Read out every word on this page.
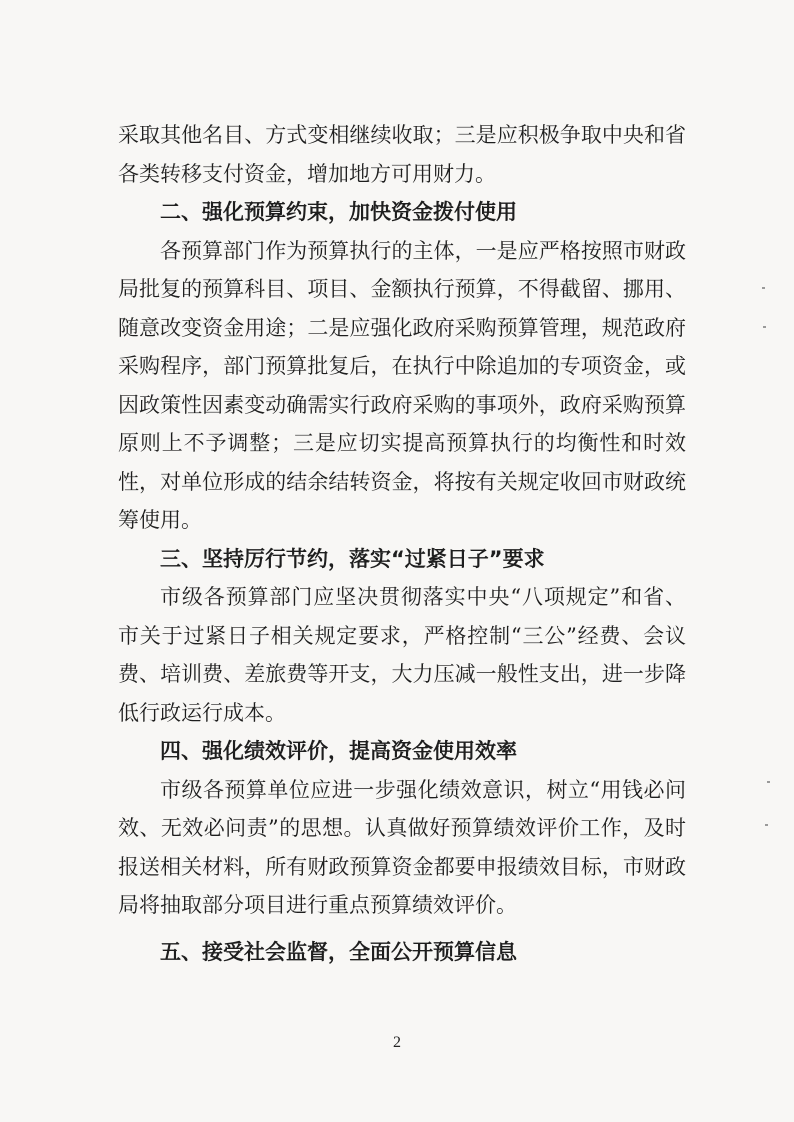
采取其他名目、方式变相继续收取；三是应积极争取中央和省
各类转移支付资金，增加地方可用财力。
二、强化预算约束，加快资金拨付使用
各预算部门作为预算执行的主体，一是应严格按照市财政
局批复的预算科目、项目、金额执行预算，不得截留、挪用、
随意改变资金用途；二是应强化政府采购预算管理，规范政府
采购程序，部门预算批复后，在执行中除追加的专项资金，或
因政策性因素变动确需实行政府采购的事项外，政府采购预算
原则上不予调整；三是应切实提高预算执行的均衡性和时效
性，对单位形成的结余结转资金，将按有关规定收回市财政统
筹使用。
三、坚持厉行节约，落实“过紧日子”要求
市级各预算部门应坚决贯彻落实中央“八项规定”和省、
市关于过紧日子相关规定要求，严格控制“三公”经费、会议
费、培训费、差旅费等开支，大力压减一般性支出，进一步降
低行政运行成本。
四、强化绩效评价，提高资金使用效率
市级各预算单位应进一步强化绩效意识，树立“用钱必问
效、无效必问责”的思想。认真做好预算绩效评价工作，及时
报送相关材料，所有财政预算资金都要申报绩效目标，市财政
局将抽取部分项目进行重点预算绩效评价。
五、接受社会监督，全面公开预算信息
2
